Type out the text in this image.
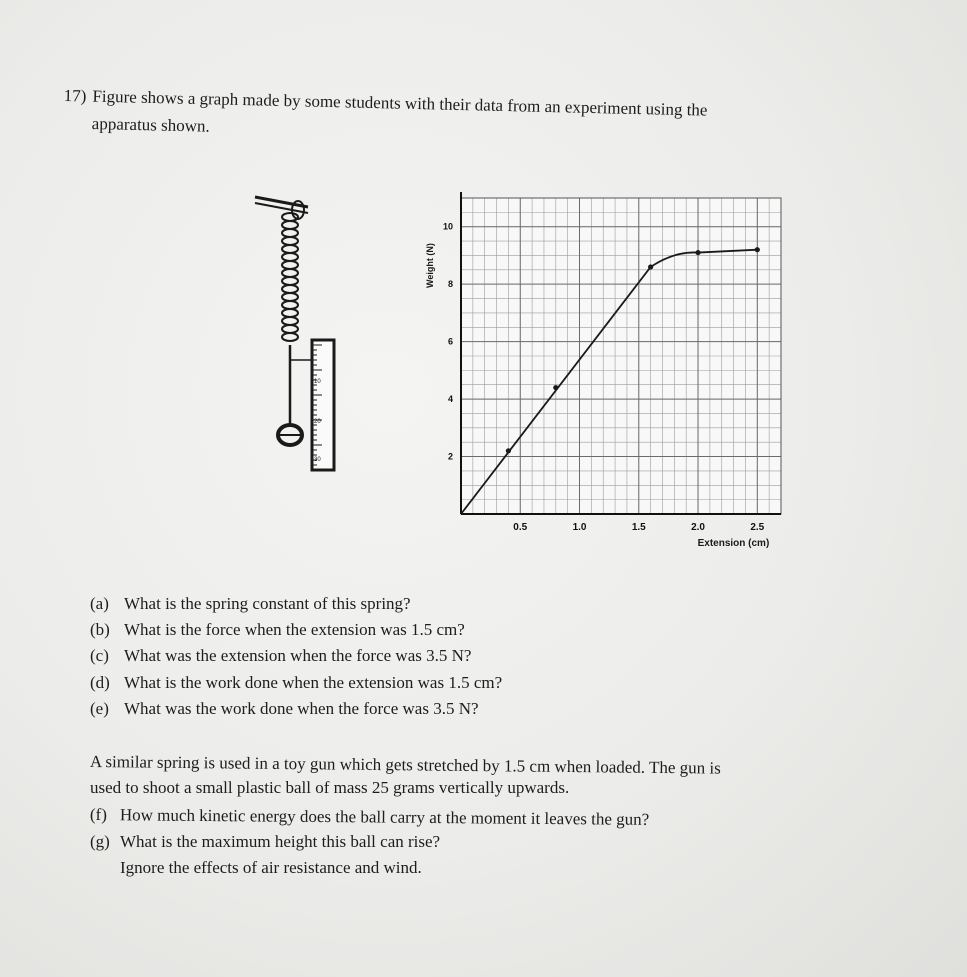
17) Figure shows a graph made by some students with their data from an experiment using the
apparatus shown.
10
20
30	2
4
6
8
10
0.5	1.0	1.5	2.0	2.5
Weight (N)
Extension (cm)
(a) What is the spring constant of this spring?
(b) What is the force when the extension was 1.5 cm?
(c) What was the extension when the force was 3.5 N?
(d) What is the work done when the extension was 1.5 cm?
(e) What was the work done when the force was 3.5 N?
A similar spring is used in a toy gun which gets stretched by 1.5 cm when loaded. The gun is
used to shoot a small plastic ball of mass 25 grams vertically upwards.
(f) How much kinetic energy does the ball carry at the moment it leaves the gun?
(g) What is the maximum height this ball can rise?
Ignore the effects of air resistance and wind.
